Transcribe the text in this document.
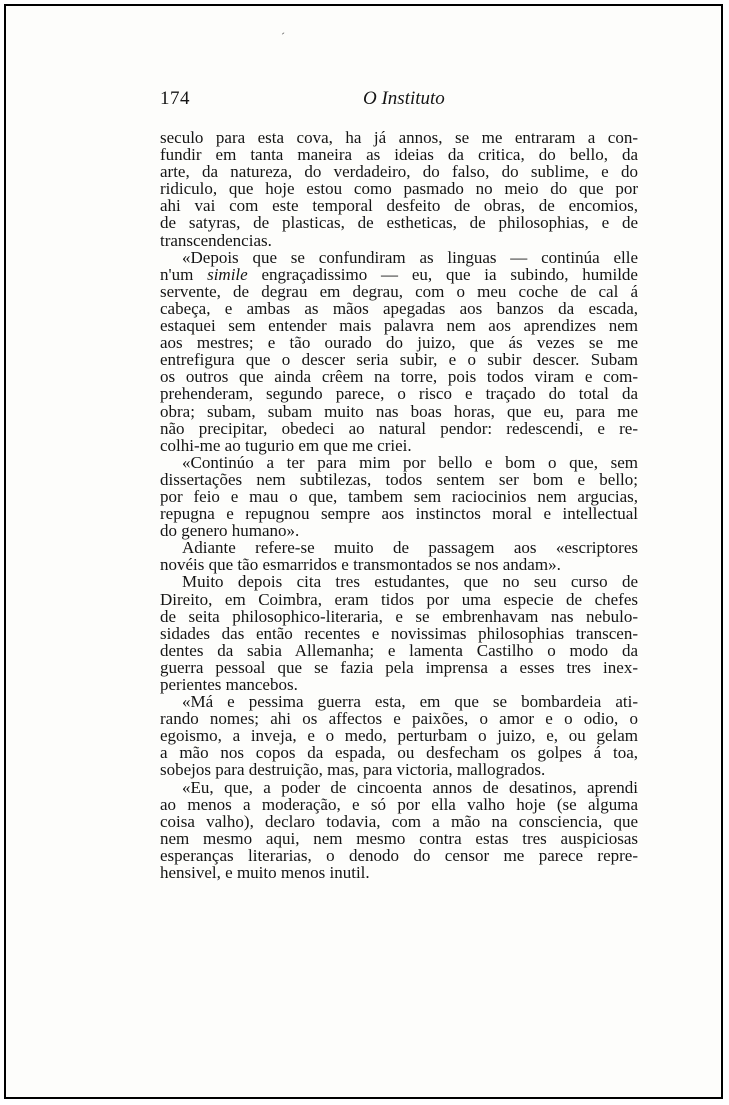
´
174	O Instituto

seculo para esta cova, ha já annos, se me entraram a con-
fundir em tanta maneira as ideias da critica, do bello, da
arte, da natureza, do verdadeiro, do falso, do sublime, e do
ridiculo, que hoje estou como pasmado no meio do que por
ahi vai com este temporal desfeito de obras, de encomios,
de satyras, de plasticas, de estheticas, de philosophias, e de
transcendencias.

«Depois que se confundiram as linguas — continúa elle
n'um simile engraçadissimo — eu, que ia subindo, humilde
servente, de degrau em degrau, com o meu coche de cal á
cabeça, e ambas as mãos apegadas aos banzos da escada,
estaquei sem entender mais palavra nem aos aprendizes nem
aos mestres; e tão ourado do juizo, que ás vezes se me
entrefigura que o descer seria subir, e o subir descer. Subam
os outros que ainda crêem na torre, pois todos viram e com-
prehenderam, segundo parece, o risco e traçado do total da
obra; subam, subam muito nas boas horas, que eu, para me
não precipitar, obedeci ao natural pendor: redescendi, e re-
colhi-me ao tugurio em que me criei.

«Continúo a ter para mim por bello e bom o que, sem
dissertações nem subtilezas, todos sentem ser bom e bello;
por feio e mau o que, tambem sem raciocinios nem argucias,
repugna e repugnou sempre aos instinctos moral e intellectual
do genero humano».

Adiante refere-se muito de passagem aos «escriptores
novéis que tão esmarridos e transmontados se nos andam».

Muito depois cita tres estudantes, que no seu curso de
Direito, em Coimbra, eram tidos por uma especie de chefes
de seita philosophico-literaria, e se embrenhavam nas nebulo-
sidades das então recentes e novissimas philosophias transcen-
dentes da sabia Allemanha; e lamenta Castilho o modo da
guerra pessoal que se fazia pela imprensa a esses tres inex-
perientes mancebos.

«Má e pessima guerra esta, em que se bombardeia ati-
rando nomes; ahi os affectos e paixões, o amor e o odio, o
egoismo, a inveja, e o medo, perturbam o juizo, e, ou gelam
a mão nos copos da espada, ou desfecham os golpes á toa,
sobejos para destruição, mas, para victoria, mallogrados.

«Eu, que, a poder de cincoenta annos de desatinos, aprendi
ao menos a moderação, e só por ella valho hoje (se alguma
coisa valho), declaro todavia, com a mão na consciencia, que
nem mesmo aqui, nem mesmo contra estas tres auspiciosas
esperanças literarias, o denodo do censor me parece repre-
hensivel, e muito menos inutil.
